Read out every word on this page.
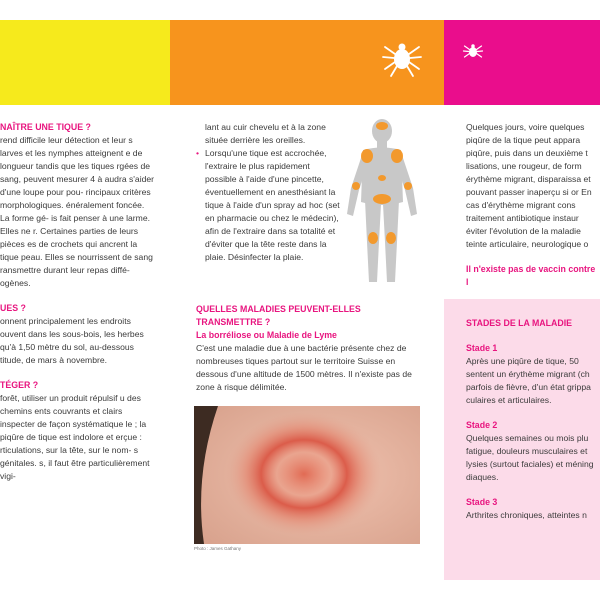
NAÎTRE UNE TIQUE ?

rend difficile leur détection et leur s larves et les nymphes atteignent e de longueur tandis que les tiques rgées de sang, peuvent mesurer 4 à audra s'aider d'une loupe pour pou- rincipaux critères morphologiques. énéralement foncée. La forme gé- is fait penser à une larme. Elles ne r. Certaines parties de leurs pièces es de crochets qui ancrent la tique peau. Elles se nourrissent de sang ransmettre durant leur repas diffé- ogènes.

UES ?

onnent principalement les endroits ouvent dans les sous-bois, les herbes qu'à 1,50 mètre du sol, au-dessous titude, de mars à novembre.

TÉGER ?

forêt, utiliser un produit répulsif u des chemins ents couvrants et clairs inspecter de façon systématique le ; la piqûre de tique est indolore et erçue : rticulations, sur la tête, sur le nom- s génitales. s, il faut être particulièrement vigi-

lant au cuir chevelu et à la zone située derrière les oreilles.

• Lorsqu'une tique est accrochée, l'extraire le plus rapidement possible à l'aide d'une pincette, éventuellement en anesthésiant la tique à l'aide d'un spray ad hoc (set en pharmacie ou chez le médecin), afin de l'extraire dans sa totalité et d'éviter que la tête reste dans la plaie. Désinfecter la plaie.

QUELLES MALADIES PEUVENT-ELLES TRANSMETTRE ?

La borréliose ou Maladie de Lyme

C'est une maladie due à une bactérie présente chez de nombreuses tiques partout sur le territoire Suisse en dessous d'une altitude de 1500 mètres. Il n'existe pas de zone à risque délimitée.

Photo : James Gathany

Quelques jours, voire quelques piqûre de la tique peut appara piqûre, puis dans un deuxième t lisations, une rougeur, de form érythème migrant, disparaissa et pouvant passer inaperçu si or En cas d'érythème migrant cons traitement antibiotique instaur éviter l'évolution de la maladie teinte articulaire, neurologique o

Il n'existe pas de vaccin contre l

STADES DE LA MALADIE

Stade 1

Après une piqûre de tique, 50 sentent un érythème migrant (ch parfois de fièvre, d'un état grippa culaires et articulaires.

Stade 2

Quelques semaines ou mois plu fatigue, douleurs musculaires et lysies (surtout faciales) et méning diaques.

Stade 3

Arthrites chroniques, atteintes n
